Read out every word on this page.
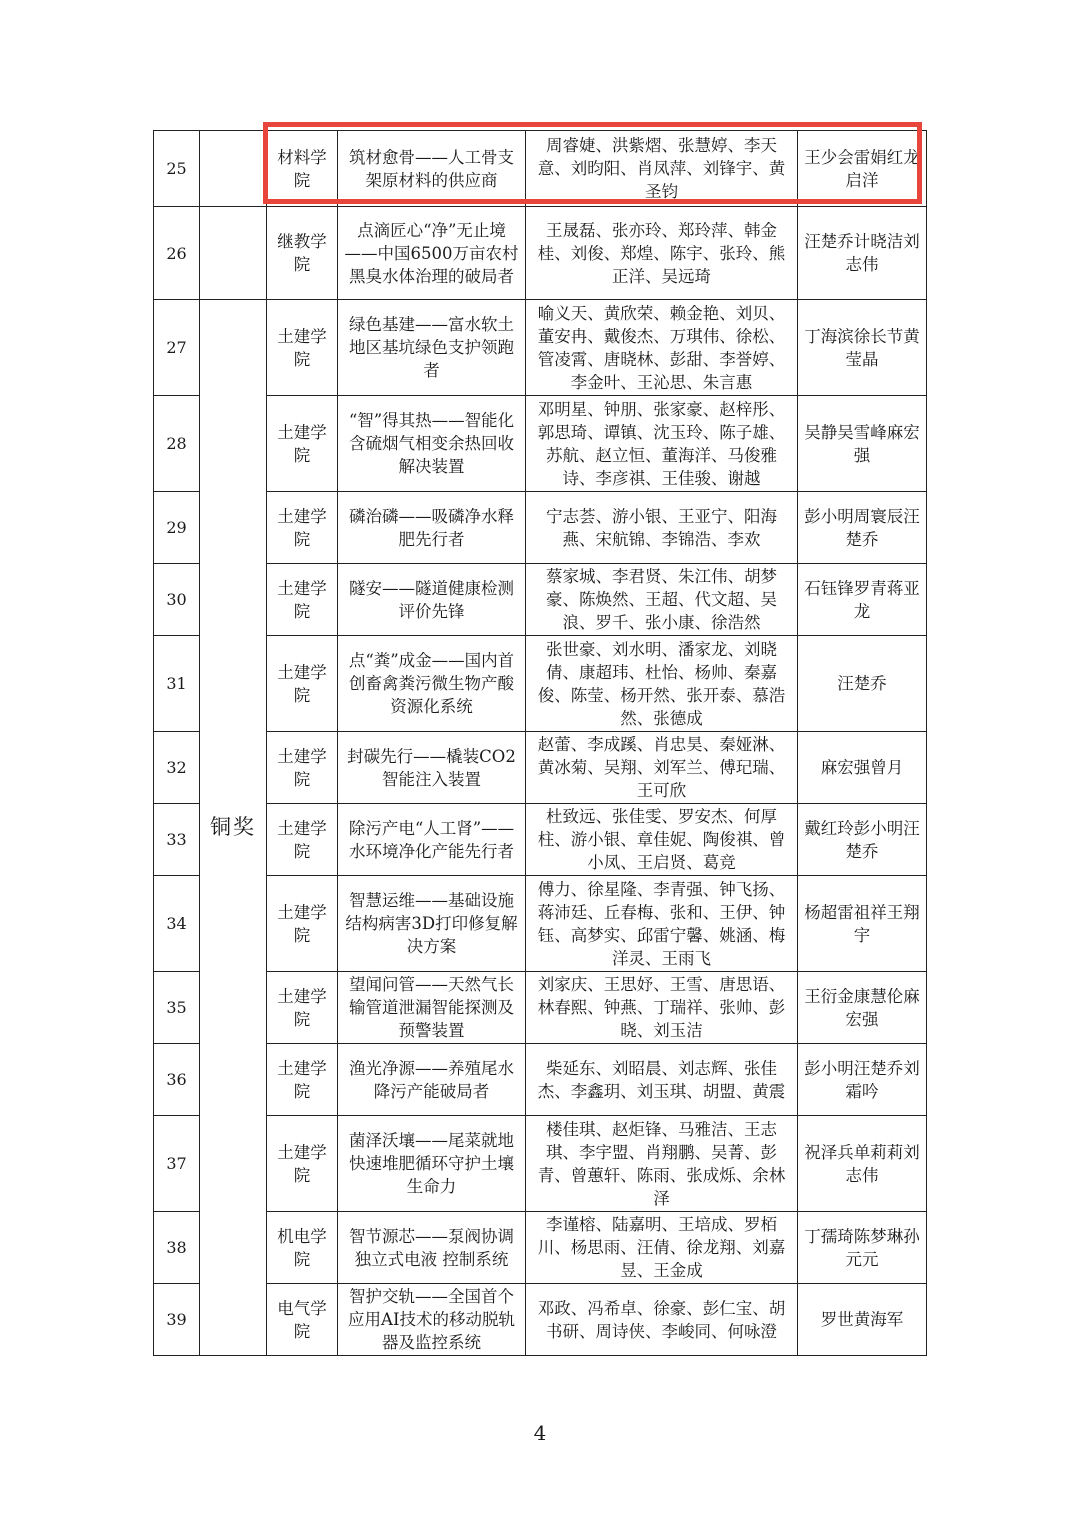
25		材料学院	筑材愈骨——人工骨支架原材料的供应商	周睿婕、洪紫熠、张慧婷、李天意、刘昀阳、肖凤萍、刘锋宇、黄圣钧	王少会雷娟红龙启洋
26		继教学院	点滴匠心“净”无止境——中国6500万亩农村黑臭水体治理的破局者	王晟磊、张亦玲、郑玲萍、韩金桂、刘俊、郑煌、陈宇、张玲、熊正洋、吴远琦	汪楚乔计晓洁刘志伟
27	铜奖	土建学院	绿色基建——富水软土地区基坑绿色支护领跑者	喻义天、黄欣荣、赖金艳、刘贝、董安冉、戴俊杰、万琪伟、徐松、管凌霄、唐晓林、彭甜、李誉婷、李金叶、王沁思、朱言惠	丁海滨徐长节黄莹晶
28		土建学院	“智”得其热——智能化含硫烟气相变余热回收解决装置	邓明星、钟朋、张家豪、赵梓彤、郭思琦、谭镇、沈玉玲、陈子雄、苏航、赵立恒、董海洋、马俊雅诗、李彦祺、王佳骏、谢越	吴静吴雪峰麻宏强
29		土建学院	磷治磷——吸磷净水释肥先行者	宁志荟、游小银、王亚宁、阳海燕、宋航锦、李锦浩、李欢	彭小明周寰辰汪楚乔
30		土建学院	隧安——隧道健康检测评价先锋	蔡家城、李君贤、朱江伟、胡梦豪、陈焕然、王超、代文超、吴浪、罗千、张小康、徐浩然	石钰锋罗青蒋亚龙
31		土建学院	点“粪”成金——国内首创畜禽粪污微生物产酸资源化系统	张世豪、刘水明、潘家龙、刘晓倩、康超玮、杜怡、杨帅、秦嘉俊、陈莹、杨开然、张开泰、慕浩然、张德成	汪楚乔
32		土建学院	封碳先行——橇装CO2智能注入装置	赵蕾、李成蹊、肖忠昊、秦娅淋、黄冰菊、吴翔、刘军兰、傅玘瑞、王可欣	麻宏强曾月
33		土建学院	除污产电“人工肾”——水环境净化产能先行者	杜致远、张佳雯、罗安杰、何厚柱、游小银、章佳妮、陶俊祺、曾小凤、王启贤、葛竞	戴红玲彭小明汪楚乔
34		土建学院	智慧运维——基础设施结构病害3D打印修复解决方案	傅力、徐星隆、李青强、钟飞扬、蒋沛廷、丘春梅、张和、王伊、钟钰、高梦实、邱雷宁馨、姚涵、梅洋灵、王雨飞	杨超雷祖祥王翔宇
35		土建学院	望闻问管——天然气长输管道泄漏智能探测及预警装置	刘家庆、王思妤、王雪、唐思语、林春熙、钟燕、丁瑞祥、张帅、彭晓、刘玉洁	王衍金康慧伦麻宏强
36		土建学院	渔光净源——养殖尾水降污产能破局者	柴延东、刘昭晨、刘志辉、张佳杰、李鑫玥、刘玉琪、胡盟、黄震	彭小明汪楚乔刘霜吟
37		土建学院	菌泽沃壤——尾菜就地快速堆肥循环守护土壤生命力	楼佳琪、赵炬锋、马雅洁、王志琪、李宇盟、肖翔鹏、吴菁、彭青、曾蕙轩、陈雨、张成烁、余林泽	祝泽兵单莉莉刘志伟
38		机电学院	智节源芯——泵阀协调独立式电液 控制系统	李谨榕、陆嘉明、王培成、罗栢川、杨思雨、汪倩、徐龙翔、刘嘉昱、王金成	丁孺琦陈梦琳孙元元
39		电气学院	智护交轨——全国首个应用AI技术的移动脱轨器及监控系统	邓政、冯希卓、徐豪、彭仁宝、胡书研、周诗侠、李峻同、何咏澄	罗世黄海军
4
